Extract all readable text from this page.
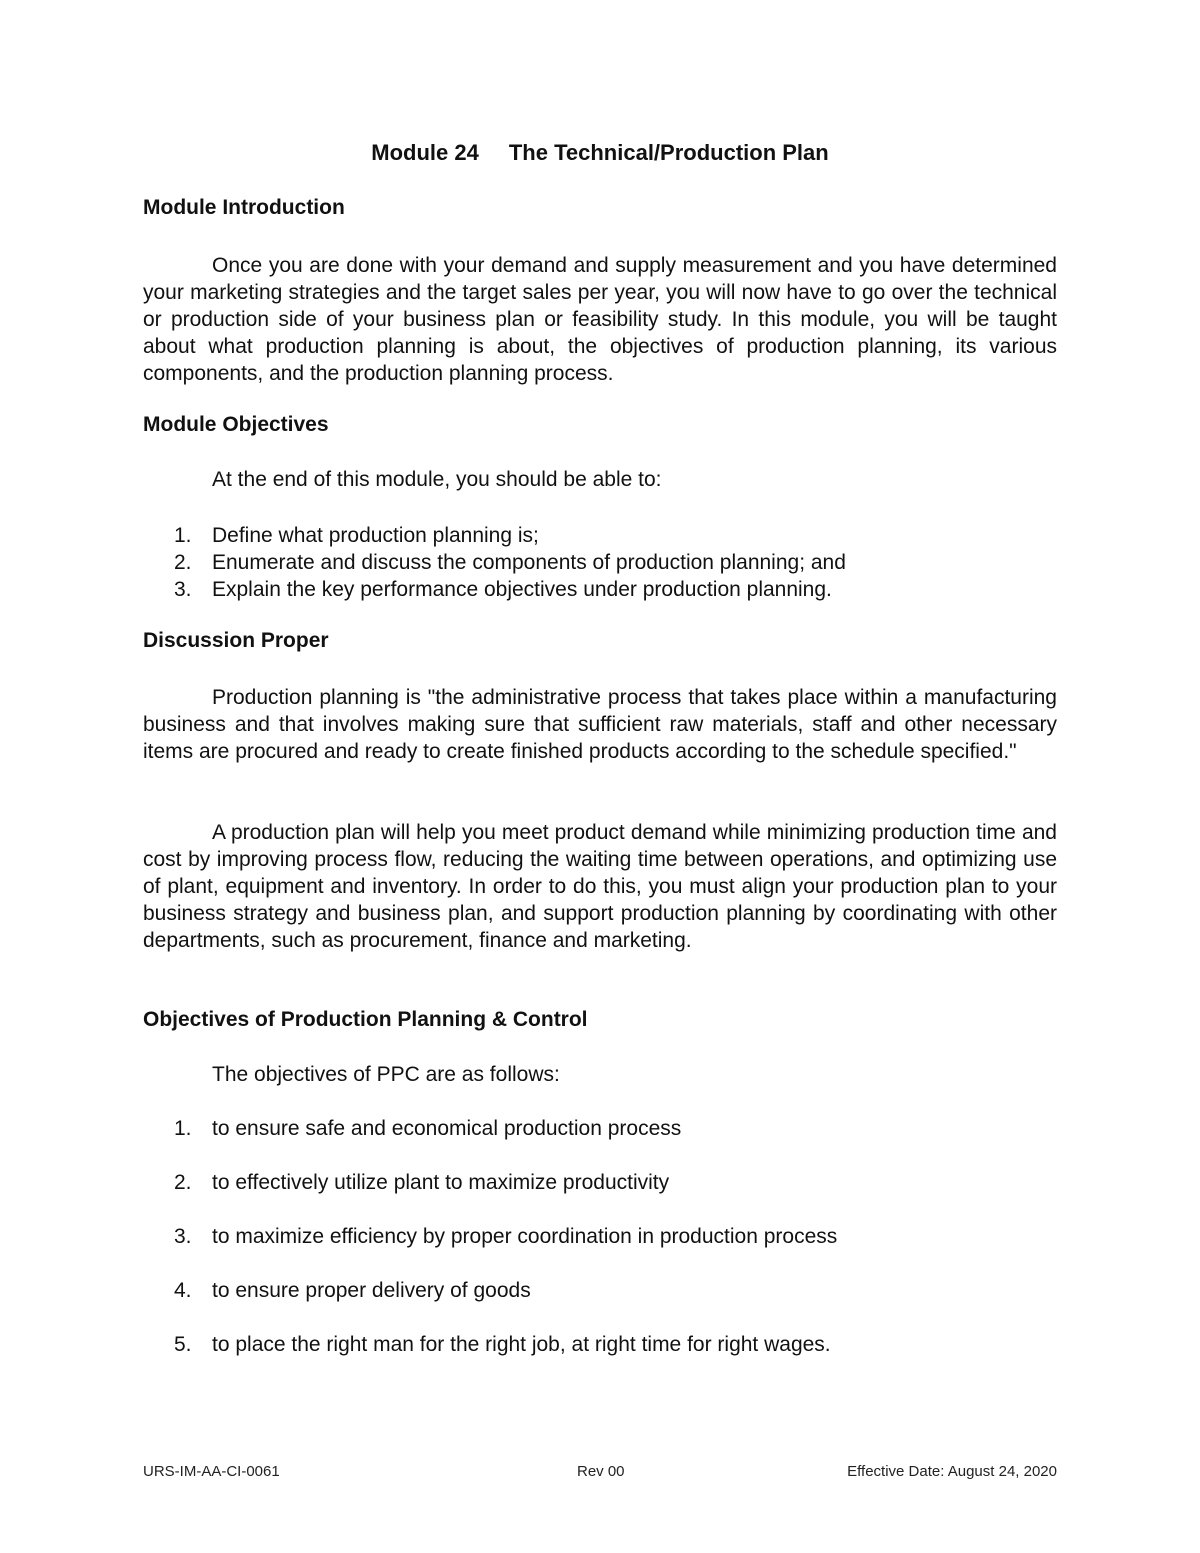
Module 24 The Technical/Production Plan
Module Introduction

Once you are done with your demand and supply measurement and you have determined your marketing strategies and the target sales per year, you will now have to go over the technical or production side of your business plan or feasibility study. In this module, you will be taught about what production planning is about, the objectives of production planning, its various components, and the production planning process.

Module Objectives
At the end of this module, you should be able to:
1. Define what production planning is;
2. Enumerate and discuss the components of production planning; and
3. Explain the key performance objectives under production planning.
Discussion Proper

Production planning is "the administrative process that takes place within a manufacturing business and that involves making sure that sufficient raw materials, staff and other necessary items are procured and ready to create finished products according to the schedule specified."

A production plan will help you meet product demand while minimizing production time and cost by improving process flow, reducing the waiting time between operations, and optimizing use of plant, equipment and inventory. In order to do this, you must align your production plan to your business strategy and business plan, and support production planning by coordinating with other departments, such as procurement, finance and marketing.

Objectives of Production Planning & Control
The objectives of PPC are as follows:
1. to ensure safe and economical production process
2. to effectively utilize plant to maximize productivity
3. to maximize efficiency by proper coordination in production process
4. to ensure proper delivery of goods
5. to place the right man for the right job, at right time for right wages.
URS-IM-AA-CI-0061	Rev 00	Effective Date: August 24, 2020
